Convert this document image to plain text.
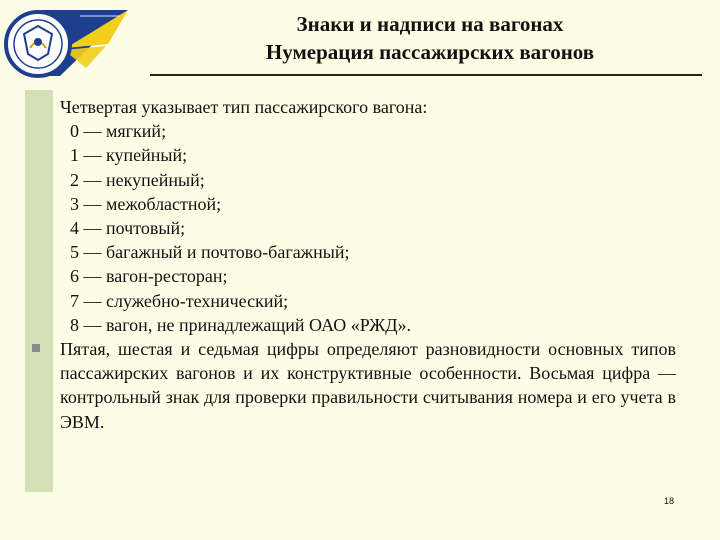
Знаки и надписи на вагонах
Нумерация пассажирских вагонов
Четвертая указывает тип пассажирского вагона:
0 — мягкий;
1 — купейный;
2 — некупейный;
3 — межобластной;
4 — почтовый;
5 — багажный и почтово-багажный;
6 — вагон-ресторан;
7 — служебно-технический;
8 — вагон, не принадлежащий ОАО «РЖД».
Пятая, шестая и седьмая цифры определяют разновидности основных типов пассажирских вагонов и их конструктивные особенности. Восьмая цифра — контрольный знак для проверки правильности считывания номера и его учета в ЭВМ.
18
